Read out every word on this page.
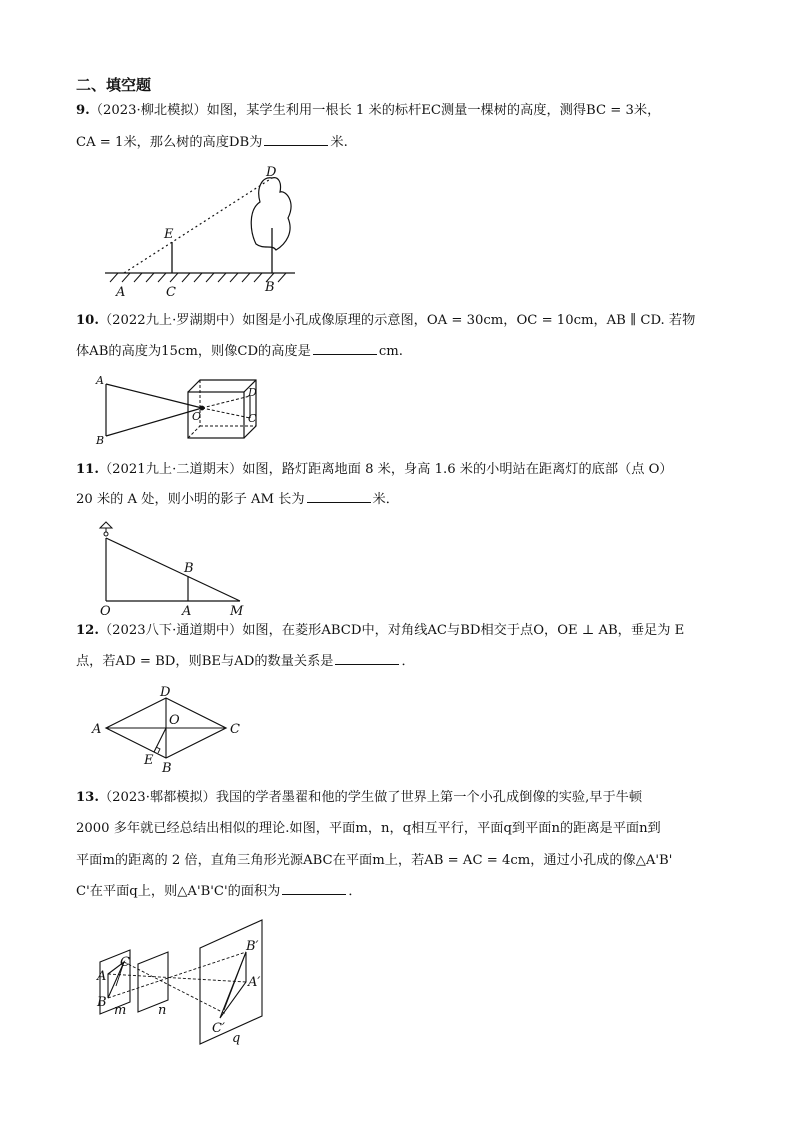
二、填空题
9.（2023·柳北模拟）如图，某学生利用一根长 1 米的标杆EC测量一棵树的高度，测得BC = 3米，
CA = 1米，那么树的高度DB为	米.
D
E
A	C	B
10.（2022九上·罗湖期中）如图是小孔成像原理的示意图，OA = 30cm，OC = 10cm，AB ∥ CD. 若物
体AB的高度为15cm，则像CD的高度是	cm.
A
B
O
D
C
11.（2021九上·二道期末）如图，路灯距离地面 8 米，身高 1.6 米的小明站在距离灯的底部（点 O）
20 米的 A 处，则小明的影子 AM 长为	米．
O	A	M
B
12.（2023八下·通道期中）如图，在菱形ABCD中，对角线AC与BD相交于点O，OE ⊥ AB，垂足为 E
点，若AD = BD，则BE与AD的数量关系是	．
D
A
O
C
E
B
13.（2023·郫都模拟）我国的学者墨翟和他的学生做了世界上第一个小孔成倒像的实验,早于牛顿
2000 多年就已经总结出相似的理论.如图，平面m，n，q相互平行，平面q到平面n的距离是平面n到
平面m的距离的 2 倍，直角三角形光源ABC在平面m上，若AB = AC = 4cm，通过小孔成的像△A'B'
C'在平面q上，则△A'B'C'的面积为	．
A
C
B
m n
B′
A′
C′
q
